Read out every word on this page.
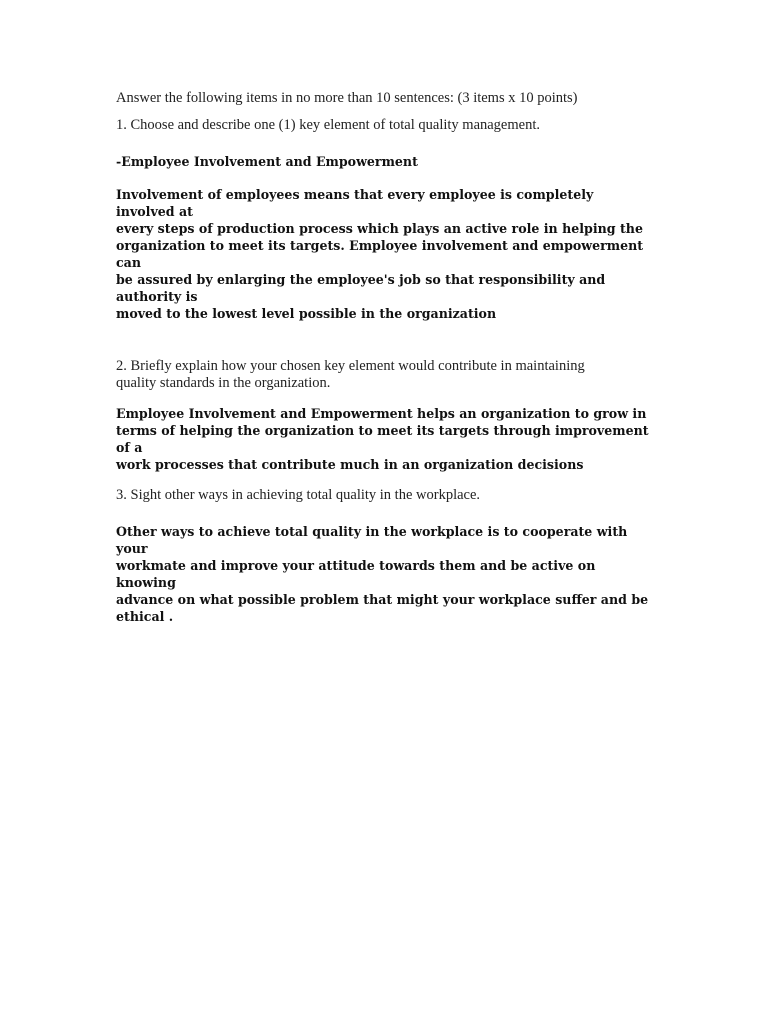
Answer the following items in no more than 10 sentences: (3 items x 10 points)

1. Choose and describe one (1) key element of total quality management.

-Employee Involvement and Empowerment

Involvement of employees means that every employee is completely involved at
every steps of production process which plays an active role in helping the
organization to meet its targets. Employee involvement and empowerment can
be assured by enlarging the employee's job so that responsibility and authority is
moved to the lowest level possible in the organization

2. Briefly explain how your chosen key element would contribute in maintaining
quality standards in the organization.

Employee Involvement and Empowerment helps an organization to grow in
terms of helping the organization to meet its targets through improvement of a
work processes that contribute much in an organization decisions

3. Sight other ways in achieving total quality in the workplace.

Other ways to achieve total quality in the workplace is to cooperate with your
workmate and improve your attitude towards them and be active on knowing
advance on what possible problem that might your workplace suffer and be
ethical .
